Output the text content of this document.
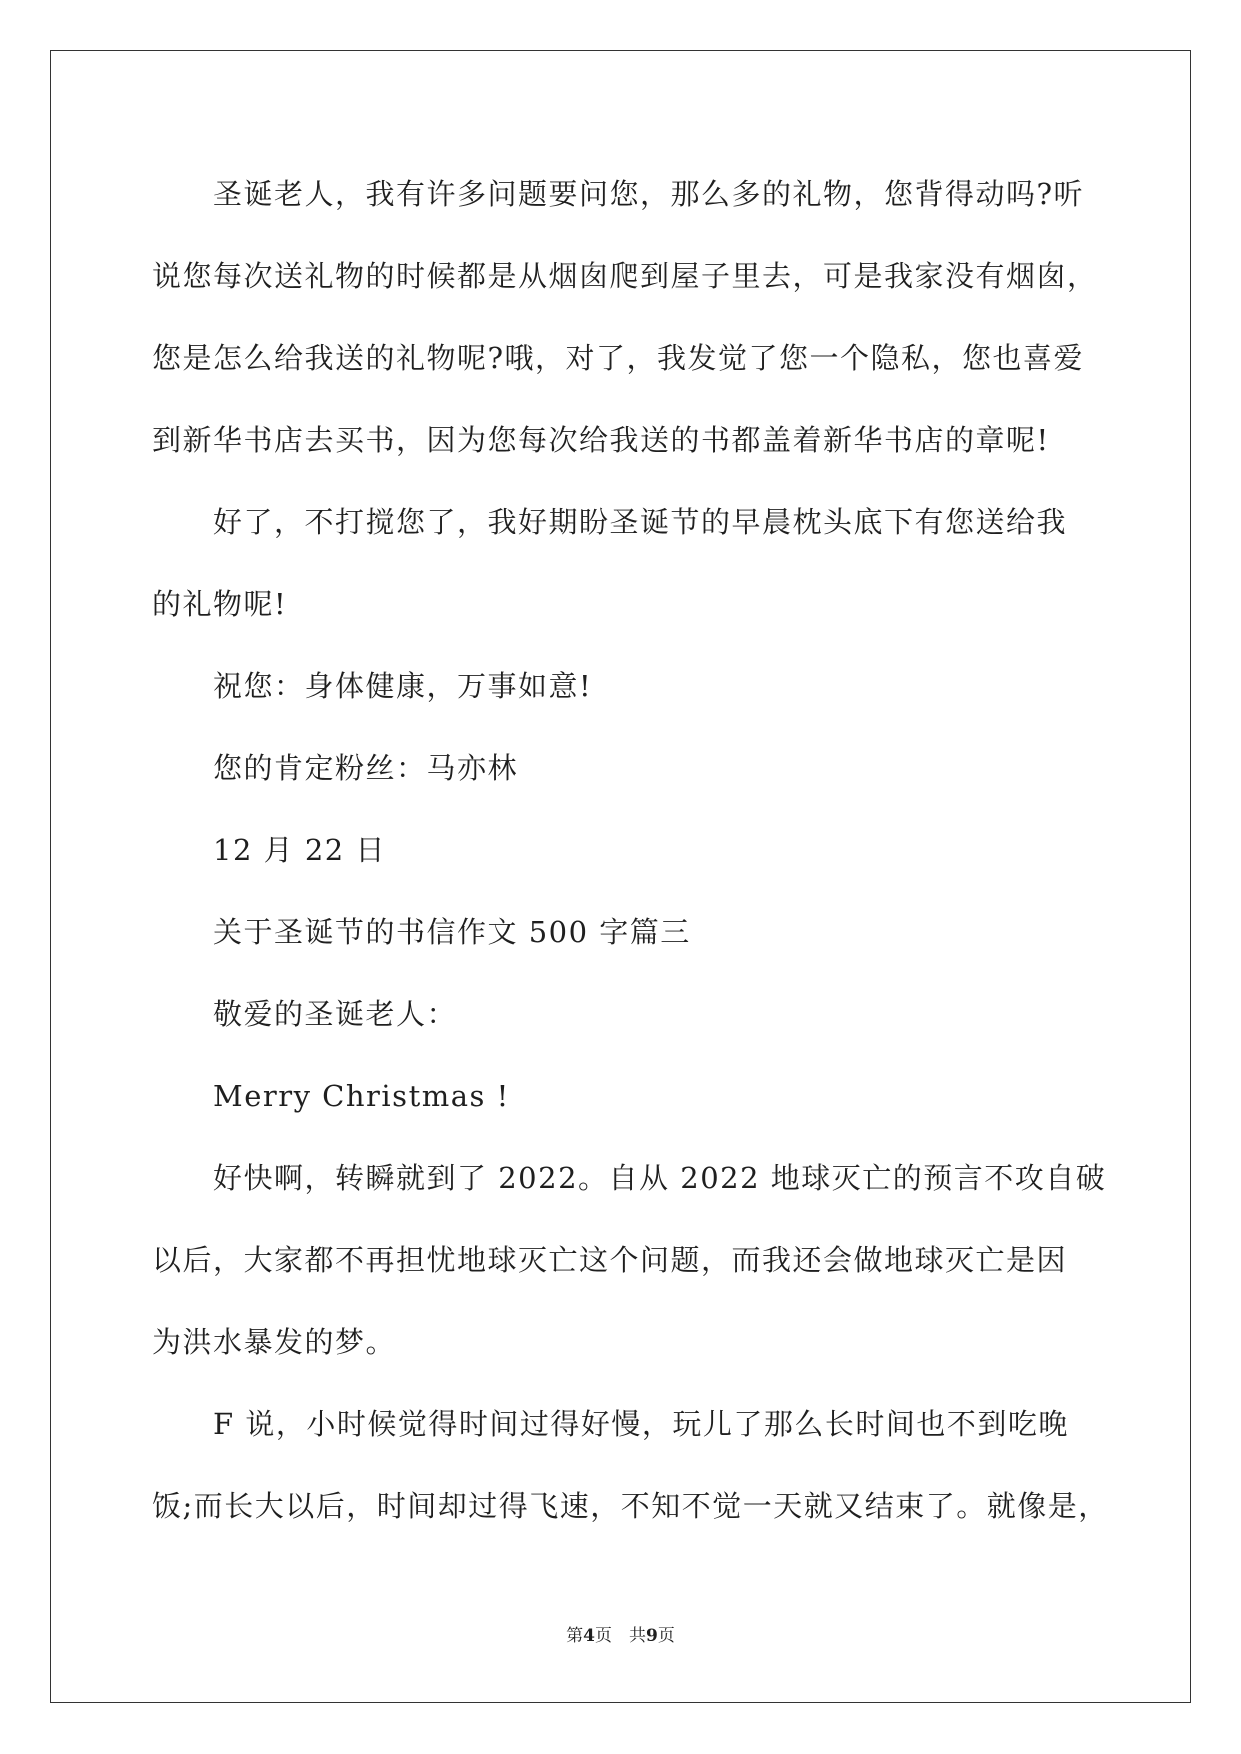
圣诞老人，我有许多问题要问您，那么多的礼物，您背得动吗?听

说您每次送礼物的时候都是从烟囱爬到屋子里去，可是我家没有烟囱，

您是怎么给我送的礼物呢?哦，对了，我发觉了您一个隐私，您也喜爱

到新华书店去买书，因为您每次给我送的书都盖着新华书店的章呢!

好了，不打搅您了，我好期盼圣诞节的早晨枕头底下有您送给我

的礼物呢!

祝您：身体健康，万事如意!

您的肯定粉丝：马亦林

12 月 22 日

关于圣诞节的书信作文 500 字篇三

敬爱的圣诞老人：

Merry Christmas !

好快啊，转瞬就到了 2022。自从 2022 地球灭亡的预言不攻自破

以后，大家都不再担忧地球灭亡这个问题，而我还会做地球灭亡是因

为洪水暴发的梦。

F 说，小时候觉得时间过得好慢，玩儿了那么长时间也不到吃晚

饭;而长大以后，时间却过得飞速，不知不觉一天就又结束了。就像是，

第4页　共9页
